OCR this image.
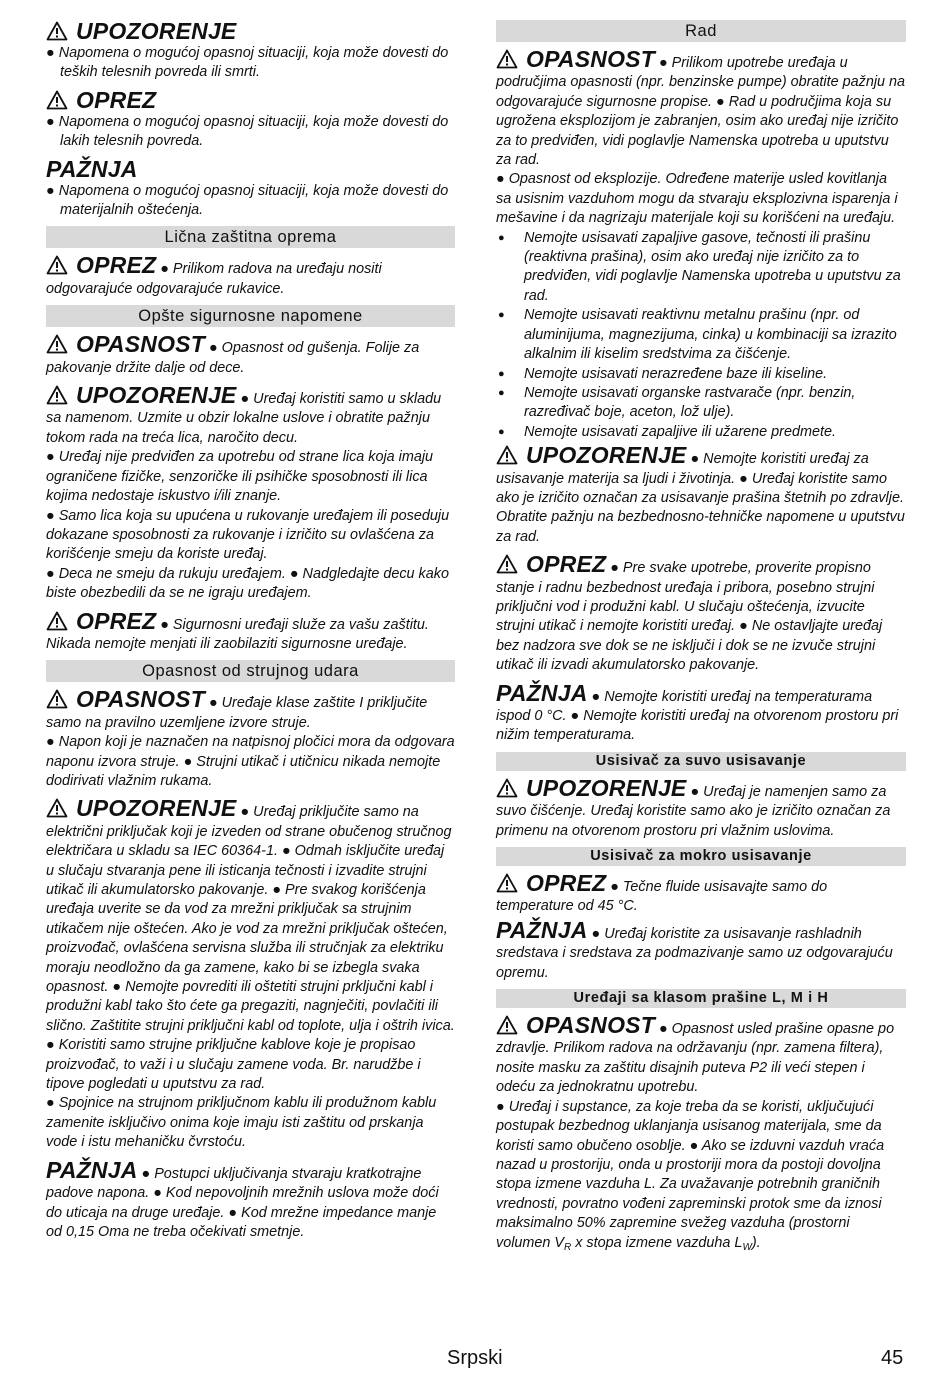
UPOZORENJE

● Napomena o mogućoj opasnoj situaciji, koja može dovesti do teških telesnih povreda ili smrti.

OPREZ

● Napomena o mogućoj opasnoj situaciji, koja može dovesti do lakih telesnih povreda.

PAŽNJA

● Napomena o mogućoj opasnoj situaciji, koja može dovesti do materijalnih oštećenja.

Lična zaštitna oprema

OPREZ ● Prilikom radova na uređaju nositi odgovarajuće odgovarajuće rukavice.

Opšte sigurnosne napomene

OPASNOST ● Opasnost od gušenja. Folije za pakovanje držite dalje od dece.

UPOZORENJE ● Uređaj koristiti samo u skladu sa namenom. Uzmite u obzir lokalne uslove i obratite pažnju tokom rada na treća lica, naročito decu.

● Uređaj nije predviđen za upotrebu od strane lica koja imaju ograničene fizičke, senzoričke ili psihičke sposobnosti ili lica kojima nedostaje iskustvo i/ili znanje.

● Samo lica koja su upućena u rukovanje uređajem ili poseduju dokazane sposobnosti za rukovanje i izričito su ovlašćena za korišćenje smeju da koriste uređaj.

● Deca ne smeju da rukuju uređajem. ● Nadgledajte decu kako biste obezbedili da se ne igraju uređajem.

OPREZ ● Sigurnosni uređaji služe za vašu zaštitu. Nikada nemojte menjati ili zaobilaziti sigurnosne uređaje.

Opasnost od strujnog udara

OPASNOST ● Uređaje klase zaštite I priključite samo na pravilno uzemljene izvore struje.

● Napon koji je naznačen na natpisnoj pločici mora da odgovara naponu izvora struje. ● Strujni utikač i utičnicu nikada nemojte dodirivati vlažnim rukama.

UPOZORENJE ● Uređaj priključite samo na električni priključak koji je izveden od strane obučenog stručnog električara u skladu sa IEC 60364-1. ● Odmah isključite uređaj u slučaju stvaranja pene ili isticanja tečnosti i izvadite strujni utikač ili akumulatorsko pakovanje. ● Pre svakog korišćenja uređaja uverite se da vod za mrežni priključak sa strujnim utikačem nije oštećen. Ako je vod za mrežni priključak oštećen, proizvođač, ovlašćena servisna služba ili stručnjak za elektriku moraju neodložno da ga zamene, kako bi se izbegla svaka opasnost. ● Nemojte povrediti ili oštetiti strujni prključni kabl i produžni kabl tako što ćete ga pregaziti, nagnječiti, povlačiti ili slično. Zaštitite strujni priključni kabl od toplote, ulja i oštrih ivica. ● Koristiti samo strujne priključne kablove koje je propisao proizvođač, to važi i u slučaju zamene voda. Br. narudžbe i tipove pogledati u uputstvu za rad.

● Spojnice na strujnom priključnom kablu ili produžnom kablu zamenite isključivo onima koje imaju isti zaštitu od prskanja vode i istu mehaničku čvrstoću.

PAŽNJA ● Postupci uključivanja stvaraju kratkotrajne padove napona. ● Kod nepovoljnih mrežnih uslova može doći do uticaja na druge uređaje. ● Kod mrežne impedance manje od 0,15 Oma ne treba očekivati smetnje.

Rad

OPASNOST ● Prilikom upotrebe uređaja u područjima opasnosti (npr. benzinske pumpe) obratite pažnju na odgovarajuće sigurnosne propise. ● Rad u područjima koja su ugrožena eksplozijom je zabranjen, osim ako uređaj nije izričito za to predviđen, vidi poglavlje Namenska upotreba u uputstvu za rad.

● Opasnost od eksplozije. Određene materije usled kovitlanja sa usisnim vazduhom mogu da stvaraju eksplozivna isparenja i mešavine i da nagrizaju materijale koji su korišćeni na uređaju.

● Nemojte usisavati zapaljive gasove, tečnosti ili prašinu (reaktivna prašina), osim ako uređaj nije izričito za to predviđen, vidi poglavlje Namenska upotreba u uputstvu za rad.
● Nemojte usisavati reaktivnu metalnu prašinu (npr. od aluminijuma, magnezijuma, cinka) u kombinaciji sa izrazito alkalnim ili kiselim sredstvima za čišćenje.
● Nemojte usisavati nerazređene baze ili kiseline.
● Nemojte usisavati organske rastvarače (npr. benzin, razređivač boje, aceton, lož ulje).
● Nemojte usisavati zapaljive ili užarene predmete.

UPOZORENJE ● Nemojte koristiti uređaj za usisavanje materija sa ljudi i životinja. ● Uređaj koristite samo ako je izričito označan za usisavanje prašina štetnih po zdravlje. Obratite pažnju na bezbednosno-tehničke napomene u uputstvu za rad.

OPREZ ● Pre svake upotrebe, proverite propisno stanje i radnu bezbednost uređaja i pribora, posebno strujni priključni vod i produžni kabl. U slučaju oštećenja, izvucite strujni utikač i nemojte koristiti uređaj. ● Ne ostavljajte uređaj bez nadzora sve dok se ne isključi i dok se ne izvuče strujni utikač ili izvadi akumulatorsko pakovanje.

PAŽNJA ● Nemojte koristiti uređaj na temperaturama ispod 0 °C. ● Nemojte koristiti uređaj na otvorenom prostoru pri nižim temperaturama.

Usisivač za suvo usisavanje

UPOZORENJE ● Uređaj je namenjen samo za suvo čišćenje. Uređaj koristite samo ako je izričito označan za primenu na otvorenom prostoru pri vlažnim uslovima.

Usisivač za mokro usisavanje

OPREZ ● Tečne fluide usisavajte samo do temperature od 45 °C.

PAŽNJA ● Uređaj koristite za usisavanje rashladnih sredstava i sredstava za podmazivanje samo uz odgovarajuću opremu.

Uređaji sa klasom prašine L, M i H

OPASNOST ● Opasnost usled prašine opasne po zdravlje. Prilikom radova na održavanju (npr. zamena filtera), nosite masku za zaštitu disajnih puteva P2 ili veći stepen i odeću za jednokratnu upotrebu.

● Uređaj i supstance, za koje treba da se koristi, uključujući postupak bezbednog uklanjanja usisanog materijala, sme da koristi samo obučeno osoblje. ● Ako se izduvni vazduh vraća nazad u prostoriju, onda u prostoriji mora da postoji dovoljna stopa izmene vazduha L. Za uvažavanje potrebnih graničnih vrednosti, povratno vođeni zapreminski protok sme da iznosi maksimalno 50% zapremine svežeg vazduha (prostorni volumen $V_R$ x stopa izmene vazduha $L_W$).

Srpski	45
